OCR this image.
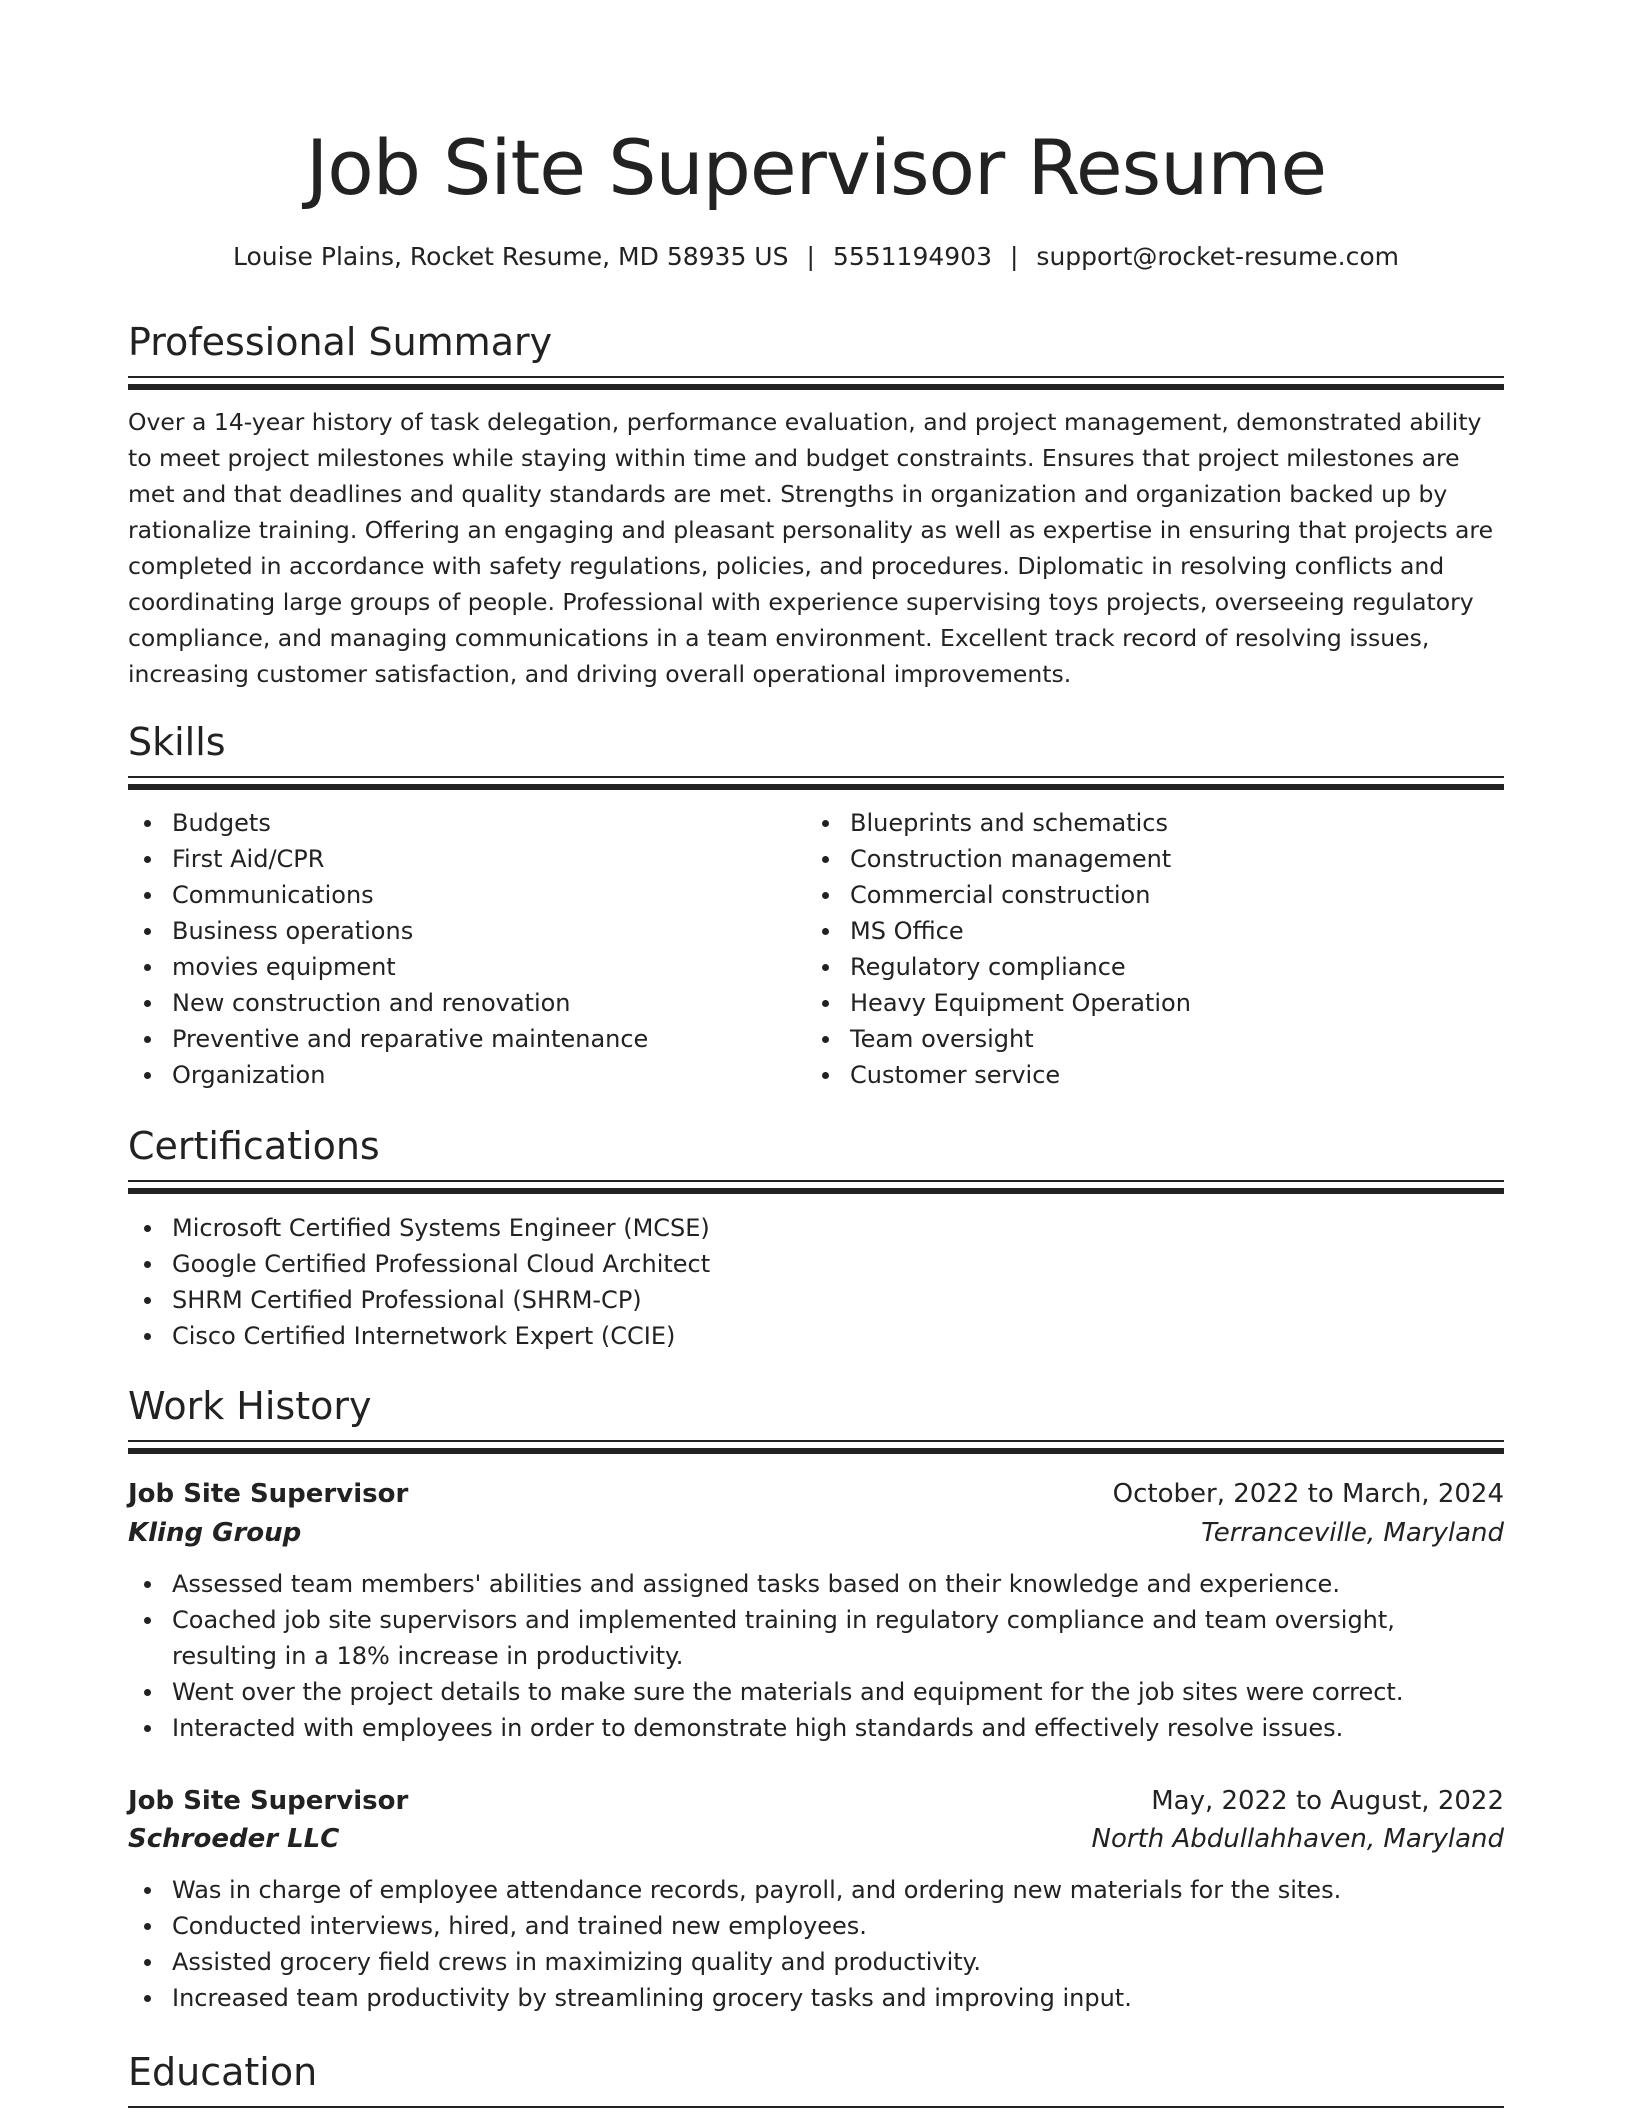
Job Site Supervisor Resume
Louise Plains, Rocket Resume, MD 58935 US | 5551194903 | support@rocket-resume.com
Professional Summary
Over a 14-year history of task delegation, performance evaluation, and project management, demonstrated ability to meet project milestones while staying within time and budget constraints. Ensures that project milestones are met and that deadlines and quality standards are met. Strengths in organization and organization backed up by rationalize training. Offering an engaging and pleasant personality as well as expertise in ensuring that projects are completed in accordance with safety regulations, policies, and procedures. Diplomatic in resolving conflicts and coordinating large groups of people. Professional with experience supervising toys projects, overseeing regulatory compliance, and managing communications in a team environment. Excellent track record of resolving issues, increasing customer satisfaction, and driving overall operational improvements.
Skills
Budgets
First Aid/CPR
Communications
Business operations
movies equipment
New construction and renovation
Preventive and reparative maintenance
Organization
Blueprints and schematics
Construction management
Commercial construction
MS Office
Regulatory compliance
Heavy Equipment Operation
Team oversight
Customer service
Certifications
Microsoft Certified Systems Engineer (MCSE)
Google Certified Professional Cloud Architect
SHRM Certified Professional (SHRM-CP)
Cisco Certified Internetwork Expert (CCIE)
Work History
Job Site Supervisor	October, 2022 to March, 2024
Kling Group	Terranceville, Maryland
Assessed team members' abilities and assigned tasks based on their knowledge and experience.
Coached job site supervisors and implemented training in regulatory compliance and team oversight, resulting in a 18% increase in productivity.
Went over the project details to make sure the materials and equipment for the job sites were correct.
Interacted with employees in order to demonstrate high standards and effectively resolve issues.
Job Site Supervisor	May, 2022 to August, 2022
Schroeder LLC	North Abdullahhaven, Maryland
Was in charge of employee attendance records, payroll, and ordering new materials for the sites.
Conducted interviews, hired, and trained new employees.
Assisted grocery field crews in maximizing quality and productivity.
Increased team productivity by streamlining grocery tasks and improving input.
Education
